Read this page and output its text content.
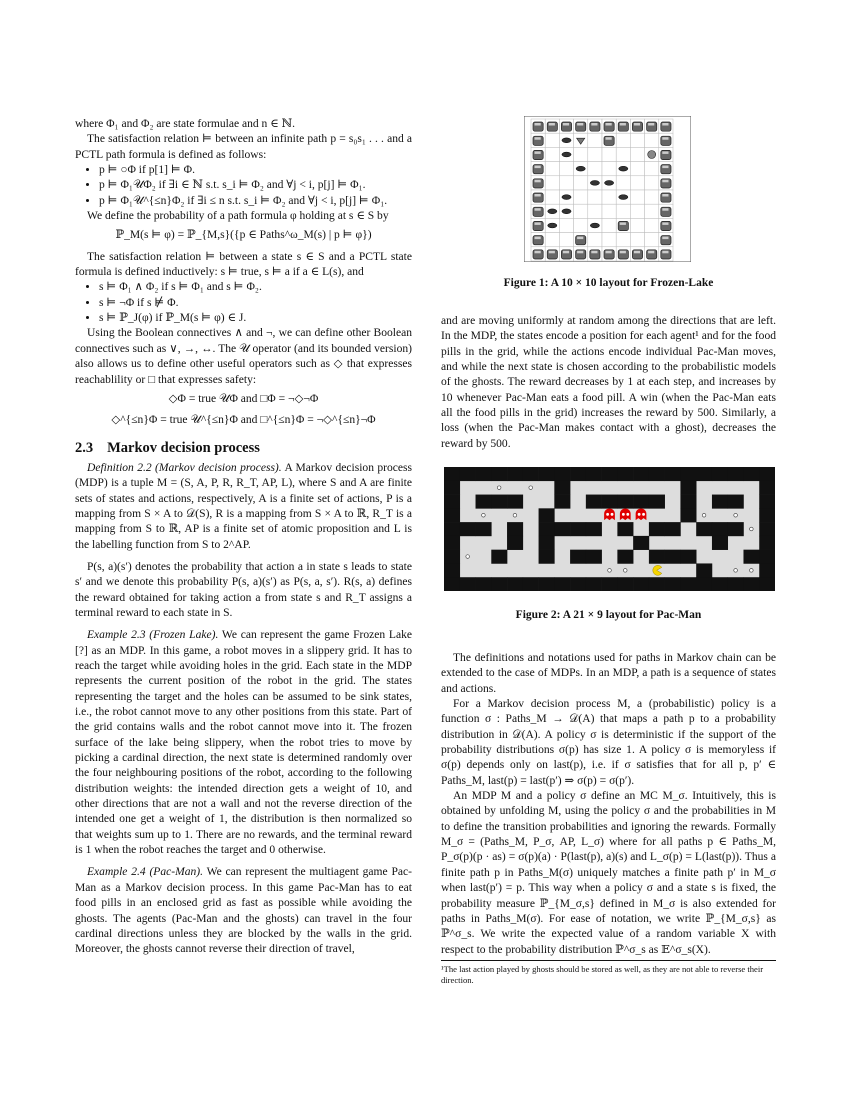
where Φ₁ and Φ₂ are state formulae and n ∈ ℕ.

The satisfaction relation ⊨ between an infinite path p = s₀s₁ . . . and a PCTL path formula is defined as follows:

• p ⊨ ○Φ if p[1] ⊨ Φ.
• p ⊨ Φ₁𝒰Φ₂ if ∃i ∈ ℕ s.t. s_i ⊨ Φ₂ and ∀j < i, p[j] ⊨ Φ₁.
• p ⊨ Φ₁𝒰^{≤n}Φ₂ if ∃i ≤ n s.t. s_i ⊨ Φ₂ and ∀j < i, p[j] ⊨ Φ₁.

We define the probability of a path formula φ holding at s ∈ S by

ℙ_M(s ⊨ φ) = ℙ_{M,s}({p ∈ Paths^ω_M(s) | p ⊨ φ})

The satisfaction relation ⊨ between a state s ∈ S and a PCTL state formula is defined inductively: s ⊨ true, s ⊨ a if a ∈ L(s), and

• s ⊨ Φ₁ ∧ Φ₂ if s ⊨ Φ₁ and s ⊨ Φ₂.
• s ⊨ ¬Φ if s ⊭ Φ.
• s ⊨ ℙ_J(φ) if ℙ_M(s ⊨ φ) ∈ J.

Using the Boolean connectives ∧ and ¬, we can define other Boolean connectives such as ∨, →, ↔. The 𝒰 operator (and its bounded version) also allows us to define other useful operators such as ◇ that expresses reachablility or □ that expresses safety:

◇Φ = true 𝒰Φ and □Φ = ¬◇¬Φ

◇^{≤n}Φ = true 𝒰^{≤n}Φ and □^{≤n}Φ = ¬◇^{≤n}¬Φ

2.3 Markov decision process

Definition 2.2 (Markov decision process). A Markov decision process (MDP) is a tuple M = (S, A, P, R, R_T, AP, L), where S and A are finite sets of states and actions, respectively, A is a finite set of actions, P is a mapping from S × A to 𝒟(S), R is a mapping from S × A to ℝ, R_T is a mapping from S to ℝ, AP is a finite set of atomic proposition and L is the labelling function from S to 2^AP.

P(s, a)(s′) denotes the probability that action a in state s leads to state s′ and we denote this probability P(s, a)(s′) as P(s, a, s′). R(s, a) defines the reward obtained for taking action a from state s and R_T assigns a terminal reward to each state in S.

Example 2.3 (Frozen Lake). We can represent the game Frozen Lake [?] as an MDP. In this game, a robot moves in a slippery grid. It has to reach the target while avoiding holes in the grid. Each state in the MDP represents the current position of the robot in the grid. The states representing the target and the holes can be assumed to be sink states, i.e., the robot cannot move to any other positions from this state. Part of the grid contains walls and the robot cannot move into it. The frozen surface of the lake being slippery, when the robot tries to move by picking a cardinal direction, the next state is determined randomly over the four neighbouring positions of the robot, according to the following distribution weights: the intended direction gets a weight of 10, and other directions that are not a wall and not the reverse direction of the intended one get a weight of 1, the distribution is then normalized so that weights sum up to 1. There are no rewards, and the terminal reward is 1 when the robot reaches the target and 0 otherwise.

Example 2.4 (Pac-Man). We can represent the multiagent game Pac-Man as a Markov decision process. In this game Pac-Man has to eat food pills in an enclosed grid as fast as possible while avoiding the ghosts. The agents (Pac-Man and the ghosts) can travel in the four cardinal directions unless they are blocked by the walls in the grid. Moreover, the ghosts cannot reverse their direction of travel,

Figure 1: A 10 × 10 layout for Frozen-Lake

and are moving uniformly at random among the directions that are left. In the MDP, the states encode a position for each agent¹ and for the food pills in the grid, while the actions encode individual Pac-Man moves, and while the next state is chosen according to the probabilistic models of the ghosts. The reward decreases by 1 at each step, and increases by 10 whenever Pac-Man eats a food pill. A win (when the Pac-Man eats all the food pills in the grid) increases the reward by 500. Similarly, a loss (when the Pac-Man makes contact with a ghost), decreases the reward by 500.

Figure 2: A 21 × 9 layout for Pac-Man

The definitions and notations used for paths in Markov chain can be extended to the case of MDPs. In an MDP, a path is a sequence of states and actions.

For a Markov decision process M, a (probabilistic) policy is a function σ : Paths_M → 𝒟(A) that maps a path p to a probability distribution in 𝒟(A). A policy σ is deterministic if the support of the probability distributions σ(p) has size 1. A policy σ is memoryless if σ(p) depends only on last(p), i.e. if σ satisfies that for all p, p′ ∈ Paths_M, last(p) = last(p′) ⇒ σ(p) = σ(p′).

An MDP M and a policy σ define an MC M_σ. Intuitively, this is obtained by unfolding M, using the policy σ and the probabilities in M to define the transition probabilities and ignoring the rewards. Formally M_σ = (Paths_M, P_σ, AP, L_σ) where for all paths p ∈ Paths_M, P_σ(p)(p · as) = σ(p)(a) · P(last(p), a)(s) and L_σ(p) = L(last(p)). Thus a finite path p in Paths_M(σ) uniquely matches a finite path p′ in M_σ when last(p′) = p. This way when a policy σ and a state s is fixed, the probability measure ℙ_{M_σ,s} defined in M_σ is also extended for paths in Paths_M(σ). For ease of notation, we write ℙ_{M_σ,s} as ℙ^σ_s. We write the expected value of a random variable X with respect to the probability distribution ℙ^σ_s as 𝔼^σ_s(X).

¹The last action played by ghosts should be stored as well, as they are not able to reverse their direction.
